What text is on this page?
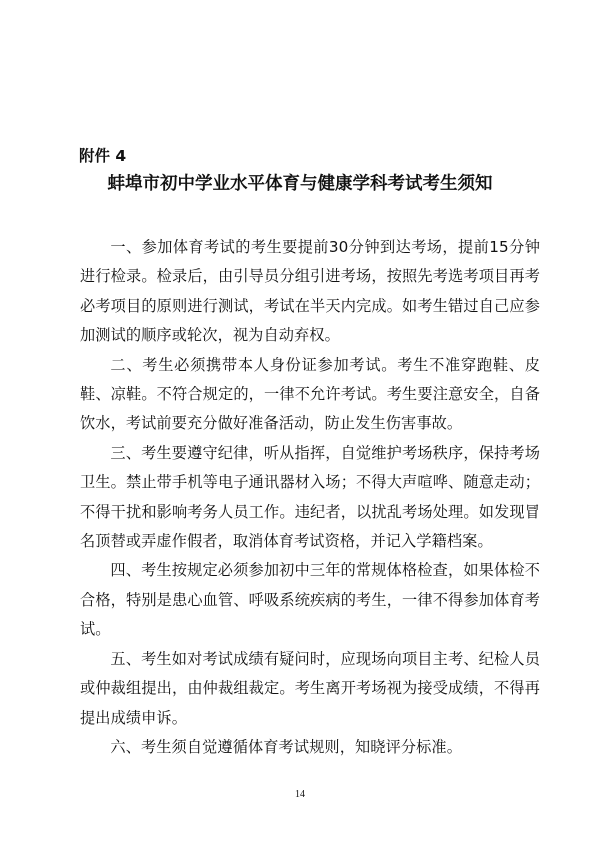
附件 4
蚌埠市初中学业水平体育与健康学科考试考生须知

一、参加体育考试的考生要提前30分钟到达考场，提前15分钟进行检录。检录后，由引导员分组引进考场，按照先考选考项目再考必考项目的原则进行测试，考试在半天内完成。如考生错过自己应参加测试的顺序或轮次，视为自动弃权。

二、考生必须携带本人身份证参加考试。考生不准穿跑鞋、皮鞋、凉鞋。不符合规定的，一律不允许考试。考生要注意安全，自备饮水，考试前要充分做好准备活动，防止发生伤害事故。

三、考生要遵守纪律，听从指挥，自觉维护考场秩序，保持考场卫生。禁止带手机等电子通讯器材入场；不得大声喧哗、随意走动；不得干扰和影响考务人员工作。违纪者，以扰乱考场处理。如发现冒名顶替或弄虚作假者，取消体育考试资格，并记入学籍档案。

四、考生按规定必须参加初中三年的常规体格检查，如果体检不合格，特别是患心血管、呼吸系统疾病的考生，一律不得参加体育考试。

五、考生如对考试成绩有疑问时，应现场向项目主考、纪检人员或仲裁组提出，由仲裁组裁定。考生离开考场视为接受成绩，不得再提出成绩申诉。

六、考生须自觉遵循体育考试规则，知晓评分标准。

14
